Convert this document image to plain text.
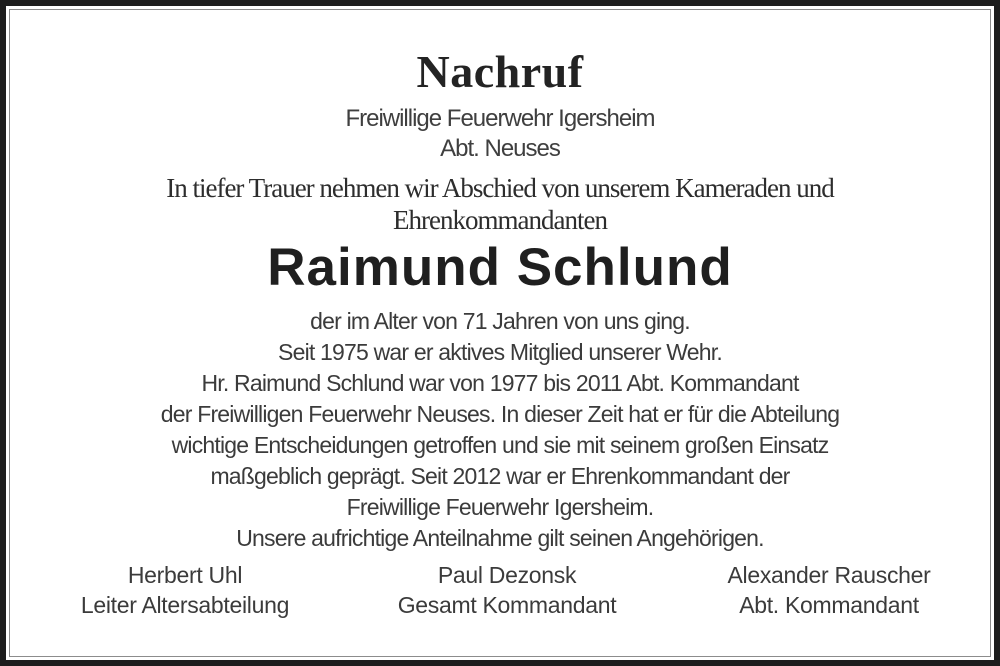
Nachruf
Freiwillige Feuerwehr Igersheim
Abt. Neuses
In tiefer Trauer nehmen wir Abschied von unserem Kameraden und
Ehrenkommandanten
Raimund Schlund
der im Alter von 71 Jahren von uns ging.
Seit 1975 war er aktives Mitglied unserer Wehr.
Hr. Raimund Schlund war von 1977 bis 2011 Abt. Kommandant
der Freiwilligen Feuerwehr Neuses. In dieser Zeit hat er für die Abteilung
wichtige Entscheidungen getroffen und sie mit seinem großen Einsatz
maßgeblich geprägt. Seit 2012 war er Ehrenkommandant der
Freiwillige Feuerwehr Igersheim.
Unsere aufrichtige Anteilnahme gilt seinen Angehörigen.
Herbert Uhl
Leiter Altersabteilung
Paul Dezonsk
Gesamt Kommandant
Alexander Rauscher
Abt. Kommandant
